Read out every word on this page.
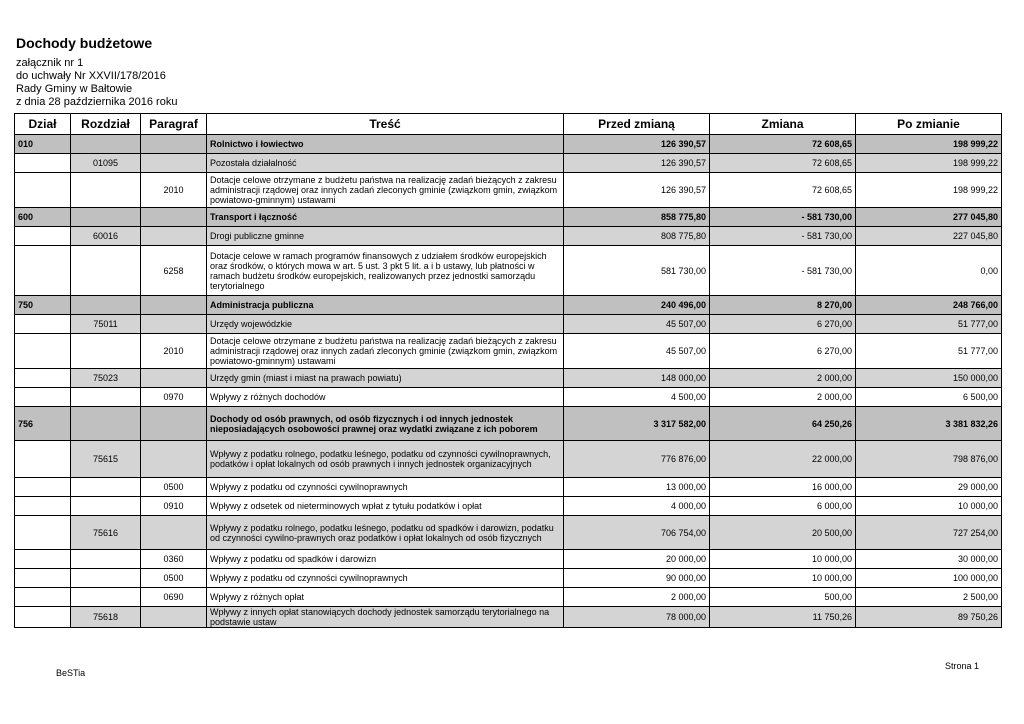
Dochody budżetowe
załącznik nr 1
do uchwały Nr XXVII/178/2016
Rady Gminy w Bałtowie
z dnia 28 października 2016 roku
Dział	Rozdział	Paragraf	Treść	Przed zmianą	Zmiana	Po zmianie
010			Rolnictwo i łowiectwo	126 390,57	72 608,65	198 999,22
	01095		Pozostała działalność	126 390,57	72 608,65	198 999,22
		2010	Dotacje celowe otrzymane z budżetu państwa na realizację zadań bieżących z zakresu administracji rządowej oraz innych zadań zleconych gminie (związkom gmin, związkom powiatowo-gminnym) ustawami	126 390,57	72 608,65	198 999,22
600			Transport i łączność	858 775,80	- 581 730,00	277 045,80
	60016		Drogi publiczne gminne	808 775,80	- 581 730,00	227 045,80
		6258	Dotacje celowe w ramach programów finansowych z udziałem środków europejskich oraz środków, o których mowa w art. 5 ust. 3 pkt 5 lit. a i b ustawy, lub płatności w ramach budżetu środków europejskich, realizowanych przez jednostki samorządu terytorialnego	581 730,00	- 581 730,00	0,00
750			Administracja publiczna	240 496,00	8 270,00	248 766,00
	75011		Urzędy wojewódzkie	45 507,00	6 270,00	51 777,00
		2010	Dotacje celowe otrzymane z budżetu państwa na realizację zadań bieżących z zakresu administracji rządowej oraz innych zadań zleconych gminie (związkom gmin, związkom powiatowo-gminnym) ustawami	45 507,00	6 270,00	51 777,00
	75023		Urzędy gmin (miast i miast na prawach powiatu)	148 000,00	2 000,00	150 000,00
		0970	Wpływy z różnych dochodów	4 500,00	2 000,00	6 500,00
756			Dochody od osób prawnych, od osób fizycznych i od innych jednostek nieposiadających osobowości prawnej oraz wydatki związane z ich poborem	3 317 582,00	64 250,26	3 381 832,26
	75615		Wpływy z podatku rolnego, podatku leśnego, podatku od czynności cywilnoprawnych, podatków i opłat lokalnych od osób prawnych i innych jednostek organizacyjnych	776 876,00	22 000,00	798 876,00
		0500	Wpływy z podatku od czynności cywilnoprawnych	13 000,00	16 000,00	29 000,00
		0910	Wpływy z odsetek od nieterminowych wpłat z tytułu podatków i opłat	4 000,00	6 000,00	10 000,00
	75616		Wpływy z podatku rolnego, podatku leśnego, podatku od spadków i darowizn, podatku od czynności cywilno-prawnych oraz podatków i opłat lokalnych od osób fizycznych	706 754,00	20 500,00	727 254,00
		0360	Wpływy z podatku od spadków i darowizn	20 000,00	10 000,00	30 000,00
		0500	Wpływy z podatku od czynności cywilnoprawnych	90 000,00	10 000,00	100 000,00
		0690	Wpływy z różnych opłat	2 000,00	500,00	2 500,00
	75618		Wpływy z innych opłat stanowiących dochody jednostek samorządu terytorialnego na podstawie ustaw	78 000,00	11 750,26	89 750,26
BeSTia
Strona 1
